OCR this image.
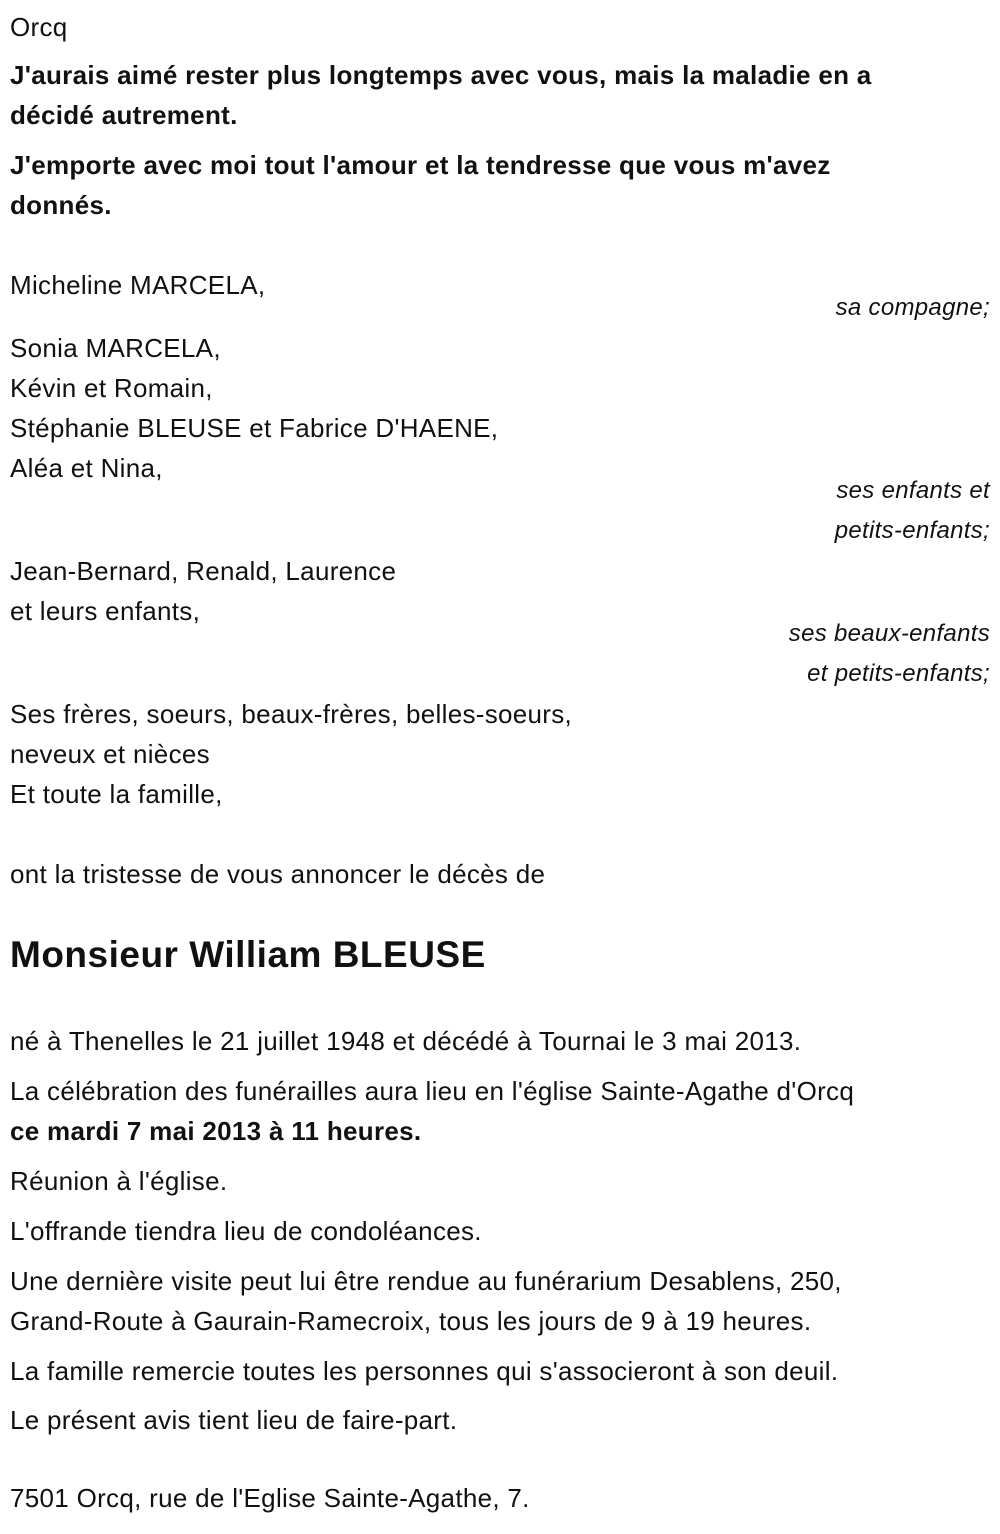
Orcq
J'aurais aimé rester plus longtemps avec vous, mais la maladie en a
décidé autrement.
J'emporte avec moi tout l'amour et la tendresse que vous m'avez
donnés.
Micheline MARCELA,
sa compagne;
Sonia MARCELA,
Kévin et Romain,
Stéphanie BLEUSE et Fabrice D'HAENE,
Aléa et Nina,
ses enfants et
petits-enfants;
Jean-Bernard, Renald, Laurence
et leurs enfants,
ses beaux-enfants
et petits-enfants;
Ses frères, soeurs, beaux-frères, belles-soeurs,
neveux et nièces
Et toute la famille,
ont la tristesse de vous annoncer le décès de
Monsieur William BLEUSE
né à Thenelles le 21 juillet 1948 et décédé à Tournai le 3 mai 2013.
La célébration des funérailles aura lieu en l'église Sainte-Agathe d'Orcq
ce mardi 7 mai 2013 à 11 heures.
Réunion à l'église.
L'offrande tiendra lieu de condoléances.
Une dernière visite peut lui être rendue au funérarium Desablens, 250,
Grand-Route à Gaurain-Ramecroix, tous les jours de 9 à 19 heures.
La famille remercie toutes les personnes qui s'associeront à son deuil.
Le présent avis tient lieu de faire-part.
7501 Orcq, rue de l'Eglise Sainte-Agathe, 7.
